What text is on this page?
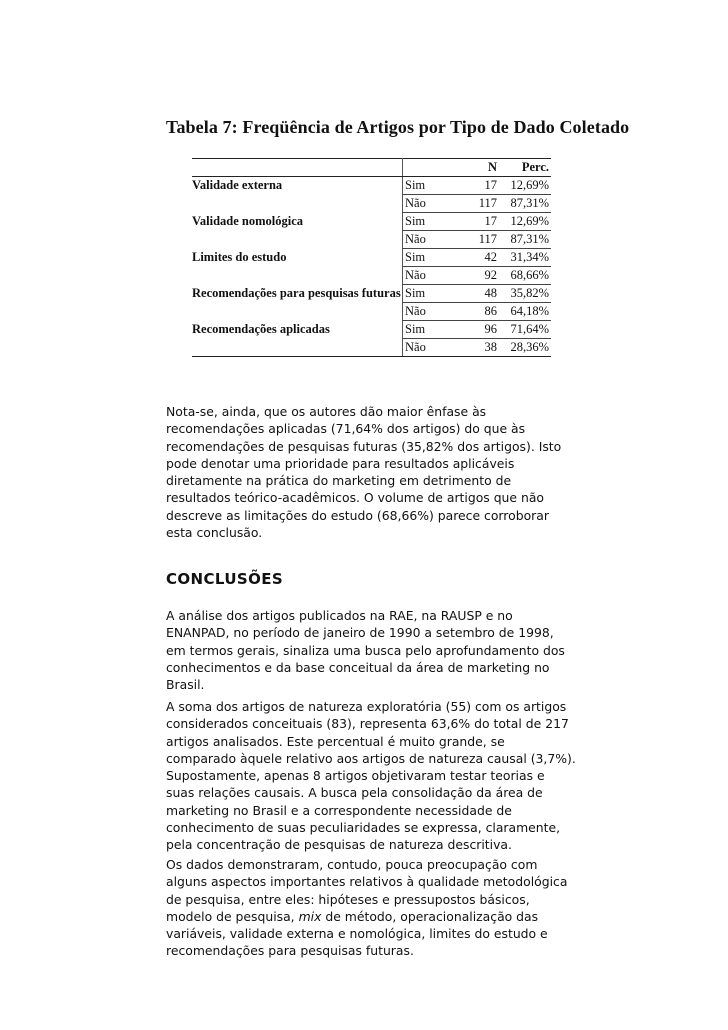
Tabela 7: Freqüência de Artigos por Tipo de Dado Coletado
		N	Perc.
Validade externa	Sim	17	12,69%
	Não	117	87,31%
Validade nomológica	Sim	17	12,69%
	Não	117	87,31%
Limites do estudo	Sim	42	31,34%
	Não	92	68,66%
Recomendações para pesquisas futuras	Sim	48	35,82%
	Não	86	64,18%
Recomendações aplicadas	Sim	96	71,64%
	Não	38	28,36%

Nota-se, ainda, que os autores dão maior ênfase às recomendações aplicadas (71,64% dos artigos) do que às recomendações de pesquisas futuras (35,82% dos artigos). Isto pode denotar uma prioridade para resultados aplicáveis diretamente na prática do marketing em detrimento de resultados teórico-acadêmicos. O volume de artigos que não descreve as limitações do estudo (68,66%) parece corroborar esta conclusão.

CONCLUSÕES

A análise dos artigos publicados na RAE, na RAUSP e no ENANPAD, no período de janeiro de 1990 a setembro de 1998, em termos gerais, sinaliza uma busca pelo aprofundamento dos conhecimentos e da base conceitual da área de marketing no Brasil.

A soma dos artigos de natureza exploratória (55) com os artigos considerados conceituais (83), representa 63,6% do total de 217 artigos analisados. Este percentual é muito grande, se comparado àquele relativo aos artigos de natureza causal (3,7%). Supostamente, apenas 8 artigos objetivaram testar teorias e suas relações causais. A busca pela consolidação da área de marketing no Brasil e a correspondente necessidade de conhecimento de suas peculiaridades se expressa, claramente, pela concentração de pesquisas de natureza descritiva.

Os dados demonstraram, contudo, pouca preocupação com alguns aspectos importantes relativos à qualidade metodológica de pesquisa, entre eles: hipóteses e pressupostos básicos, modelo de pesquisa, mix de método, operacionalização das variáveis, validade externa e nomológica, limites do estudo e recomendações para pesquisas futuras.
